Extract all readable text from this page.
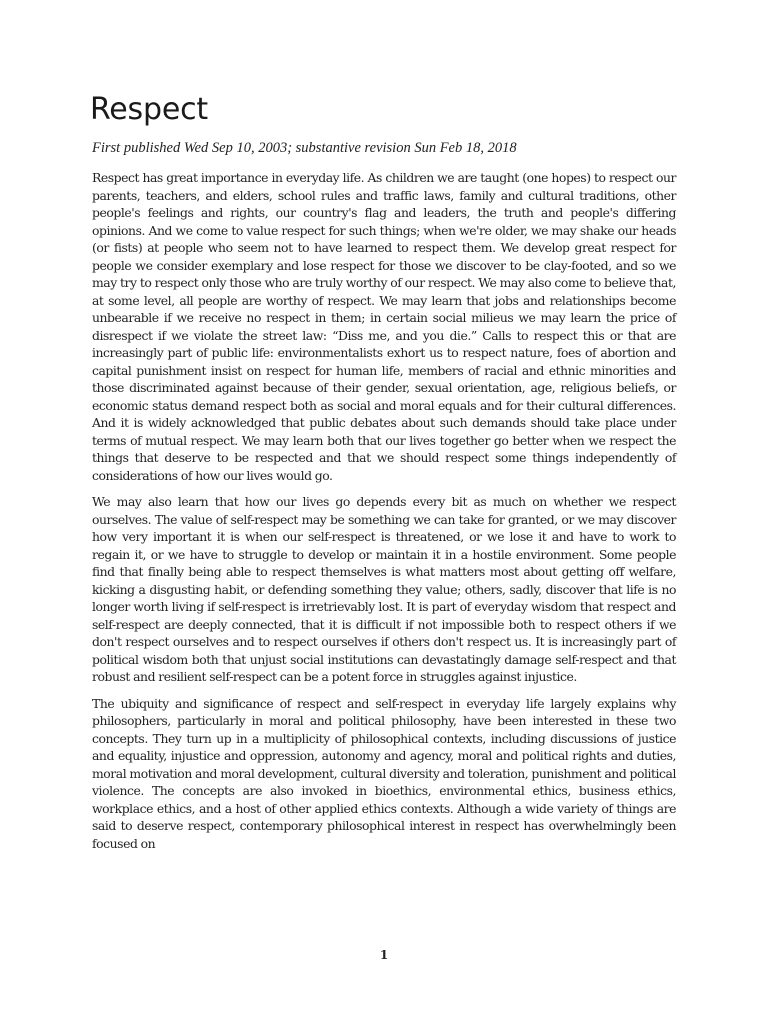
Respect
First published Wed Sep 10, 2003; substantive revision Sun Feb 18, 2018

Respect has great importance in everyday life. As children we are taught (one hopes) to respect our parents, teachers, and elders, school rules and traffic laws, family and cultural traditions, other people's feelings and rights, our country's flag and leaders, the truth and people's differing opinions. And we come to value respect for such things; when we're older, we may shake our heads (or fists) at people who seem not to have learned to respect them. We develop great respect for people we consider exemplary and lose respect for those we discover to be clay-footed, and so we may try to respect only those who are truly worthy of our respect. We may also come to believe that, at some level, all people are worthy of respect. We may learn that jobs and relationships become unbearable if we receive no respect in them; in certain social milieus we may learn the price of disrespect if we violate the street law: “Diss me, and you die.” Calls to respect this or that are increasingly part of public life: environmentalists exhort us to respect nature, foes of abortion and capital punishment insist on respect for human life, members of racial and ethnic minorities and those discriminated against because of their gender, sexual orientation, age, religious beliefs, or economic status demand respect both as social and moral equals and for their cultural differences. And it is widely acknowledged that public debates about such demands should take place under terms of mutual respect. We may learn both that our lives together go better when we respect the things that deserve to be respected and that we should respect some things independently of considerations of how our lives would go.

We may also learn that how our lives go depends every bit as much on whether we respect ourselves. The value of self-respect may be something we can take for granted, or we may discover how very important it is when our self-respect is threatened, or we lose it and have to work to regain it, or we have to struggle to develop or maintain it in a hostile environment. Some people find that finally being able to respect themselves is what matters most about getting off welfare, kicking a disgusting habit, or defending something they value; others, sadly, discover that life is no longer worth living if self-respect is irretrievably lost. It is part of everyday wisdom that respect and self-respect are deeply connected, that it is difficult if not impossible both to respect others if we don't respect ourselves and to respect ourselves if others don't respect us. It is increasingly part of political wisdom both that unjust social institutions can devastatingly damage self-respect and that robust and resilient self-respect can be a potent force in struggles against injustice.

The ubiquity and significance of respect and self-respect in everyday life largely explains why philosophers, particularly in moral and political philosophy, have been interested in these two concepts. They turn up in a multiplicity of philosophical contexts, including discussions of justice and equality, injustice and oppression, autonomy and agency, moral and political rights and duties, moral motivation and moral development, cultural diversity and toleration, punishment and political violence. The concepts are also invoked in bioethics, environmental ethics, business ethics, workplace ethics, and a host of other applied ethics contexts. Although a wide variety of things are said to deserve respect, contemporary philosophical interest in respect has overwhelmingly been focused on

1
